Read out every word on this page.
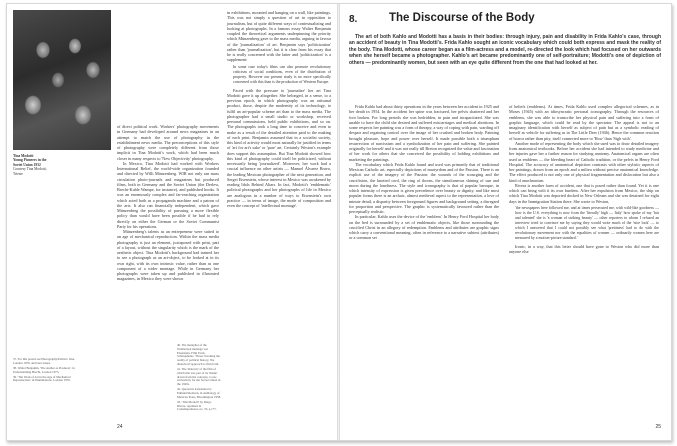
Tina Modotti
Young Pioneers in the
Soviet Union 1932
Courtesy Tina Modotti,
Trieste

of direct political work. Workers' photography movements in Germany had developed around news magazines in an attempt to match the use of photography in the establishment news media. The preconceptions of this style of photography were completely different from those implicit in Tina Modotti's work, which had been much closer in many respects to 'New Objectivity' photography.

In Mexico, Tina Modotti had worked with Workers International Relief, the world-wide organization founded and directed by Willi Münzenberg. WIR not only ran mass circulation photo-journals and magazines but produced films, both in Germany and the Soviet Union (the Derlew, Brecht-Kuhle Wampe, for instance), and published books. It was an enormously complex and far-reaching organization which acted both as a propaganda machine and a patron of the arts. It also ran financially independent, which gave Münzenberg the possibility of pursuing a more flexible policy than would have been possible if he had to rely directly on either the German or the Soviet Communist Party for his operations.

Münzenberg's talents as an entrepreneur were suited to an age of mechanical reproduction. Within the mass media photography is just an element, juxtaposed with print, part of a layout, without the singularity which is the mark of the aesthetic object. Tina Modotti's background had trained her to see a photograph as an art-object, to be looked at in its own right, with its own intrinsic value, rather than as one component of a wider montage. While in Germany her photographs were taken up and published in illustrated magazines, in Mexico they were shown

in exhibitions, mounted and hanging on a wall, like paintings. This was not simply a question of art in opposition to journalism, but of quite different ways of contextualizing and looking at photographs. In a famous essay Walter Benjamin coupled the theoretical arguments underpinning the priority which Münzenberg gave to the mass media, arguing in favour of the 'journalization' of art. Benjamin says 'politicization' rather than 'journalization', but it is clear from his essay that he is really concerned with the latter and 'politicization' is a supplement:

In some case today's films can also promote revolutionary criticism of social conditions, even of the distribution of property. However our present study is no more specifically concerned with this than is the production of Western Europe.

Faced with the pressure to 'journalize' her art Tina Modotti gave it up altogether. She belonged, in a sense, to a previous epoch, in which photography was an artisanal product, those, despite the modernity of its technology, to fulfil an art-popular scheme art than to the mass media. The photographer had a small studio or workshop, received personal commissions, held public exhibitions, and so on. The photographs took a long time to conceive and even to make as a result of the detailed attention paid to the making of each print. Benjamin assumed that in a socialist society, this kind of activity would most naturally be justified in terms of 'art for art's sake' or 'pure' art. Certainly Weston's example does support this assumption. But Tina Modotti showed how this kind of photography could itself be politicized, without necessarily being 'journalized'. Moreover, her work had a crucial influence on other artists — Manuel Álvarez Bravo, the leading Mexican photographer of the next generation, and Sergei Eisenstein, whose interest in Mexico was awakened by reading Idols Behind Altars. In fact, Modotti's 'emblematic' political photographs and her photographs of life in Mexico are analogous in a number of ways to Eisenstein's own practice — in terms of image, the mode of composition and even the concept of 'intellectual montage'.

37. For this period see Photography/Politics: One, London 1979, and later issues.
38. Walter Benjamin, 'The Author as Producer', in Understanding Brecht, London 1973.
39. 'The Work of Art in the Age of Mechanical Reproduction', in Illuminations, London 1970.
40. The metaphor of the 'intellectual montage' see Eisenstein, Film Form, Schizopheles. 'Those' invoking the reality of political history, 'the dialectical' approach to film form.
41. The 'dialectic' of the film of which this was part of its 'theme' drawn from the concepts, to use exclusively for the Soviet Union in the 1920s.
42. Quoted in translation by Edmund Redwen, in Anthology of Mexican Poets, Bloomington 1958.
43. 'Tina Modotti' by Diego Rivera, reprinted in Contemporáneos, no. 33, p.177.
24
8.	The Discourse of the Body

The art of both Kahlo and Modotti has a basis in their bodies: through injury, pain and disability in Frida Kahlo's case, through an accident of beauty in Tina Modotti's. Frida Kahlo sought an iconic vocabulary which could both express and mask the reality of the body. Tina Modotti, whose career began as a film-actress and a model, re-directed the look which had focused on her outwards when she herself became a photographer. Kahlo's art became predominantly one of self-portraiture; Modotti's one of depiction of others — predominantly women, but seen with an eye quite different from the one that had looked at her.

Frida Kahlo had about thirty operations in the years between her accident in 1925 and her death in 1954. In the accident her spine was fractured, her pelvis shattered and her foot broken. For long periods she was bedridden, in pain and incapacitated. She was unable to have the child she desired and suffered miscarriages and medical abortions. In some respects her painting was a form of therapy, a way of coping with pain, warding off despair and regaining control over the image of her crushed and broken body. Painting brought pleasure, hope and power over herself. It made possible both a triumphant resurrection of narcissism and a symbolization of her pain and suffering. She painted originally for herself and it was not really till Breton recognized the value and fascination of her work for others that she conceived the possibility of holding exhibitions and marketing the paintings.

The vocabulary which Frida Kahlo found and used was primarily that of traditional Mexican Catholic art, especially depictions of martyrdom and of the Passion. There is an explicit use of the imagery of the Passion: the wounds of the scourging and the crucifixion, the knotted cord, the ring of thorns, the simultaneous shining of sun and moon during the loneliness. The style and iconography is that of popular baroque, in which intensity of expression is given precedence over beauty or dignity, and like most popular forms there is an archaic, almost medieval aspect to the representation, a love of minute detail, a disparity between foreground figures and background setting, a disregard for proportion and perspective. The graphic is systematically favoured rather than the perceptually realistic.

In particular, Kahlo uses the device of the 'emblem'. In Henry Ford Hospital her body on the bed is surrounded by a set of emblematic objects, like those surrounding the crucified Christ in an allegory of redemption. Emblems and attributes are graphic signs which carry a conventional meaning, often in reference to a narrative subtext (attributes) or a common set

of beliefs (emblems). At times, Frida Kahlo used complex allegorical schemes, as in Moses (1945) with an idiosyncratic personal iconography. Through the resources of emblems, she was able to transcribe her physical pain and suffering into a form of graphic language, which could be read by the spectator. The appeal is not to an imaginary identification with herself as subject of pain but as a symbolic reading of herself as vehicle for suffering as in The Little Deer (1946). Hence the common reaction of horror rather than pity, itself connected more to 'How' than 'Sigh with'.

Another mode of representing the body which she used was to draw detailed imagery from anatomical textbooks. Before her accident she had intended to study medicine and her injuries gave her a further reason for studying anatomy. Anatomical organs are often used as emblems — the bleeding heart of Catholic tradition, or the pelvis in Henry Ford Hospital. The accuracy of anatomical depiction contrasts with other stylistic aspects of her paintings, drawn from an epoch and a milieu without precise anatomical knowledge. The effect produced is not only one of physical fragmentation and dislocation but also a kind of anachronism.

Rivera is another form of accident, one that is posed rather than found. Yet it is one which can bring with it its own burdens. After her expulsion from Mexico, the ship on which Tina Modotti was deported docked in New Orleans and she was detained for eight days in the Immigration Station there. She wrote to Weston,

'the newspapers here followed me, and at times persecuted me, with wild-like goodness — how is the U.S. everything is now from the 'literally' high — Italy' how spoke of my 'fair and talented' she is 'a woman of striking beauty' — other reporters to whom I refused an interview tried to convince me by saying they would write much of the 'nice look' — to which I answered that I could not possibly see what 'prettiness' had to do with the revolutionary movement nor with the equalities of women — ordinarily women here are measured by a motion-picture standard.'

Ironic, in a way, that this letter should have gone to Weston who did more than anyone else

25
